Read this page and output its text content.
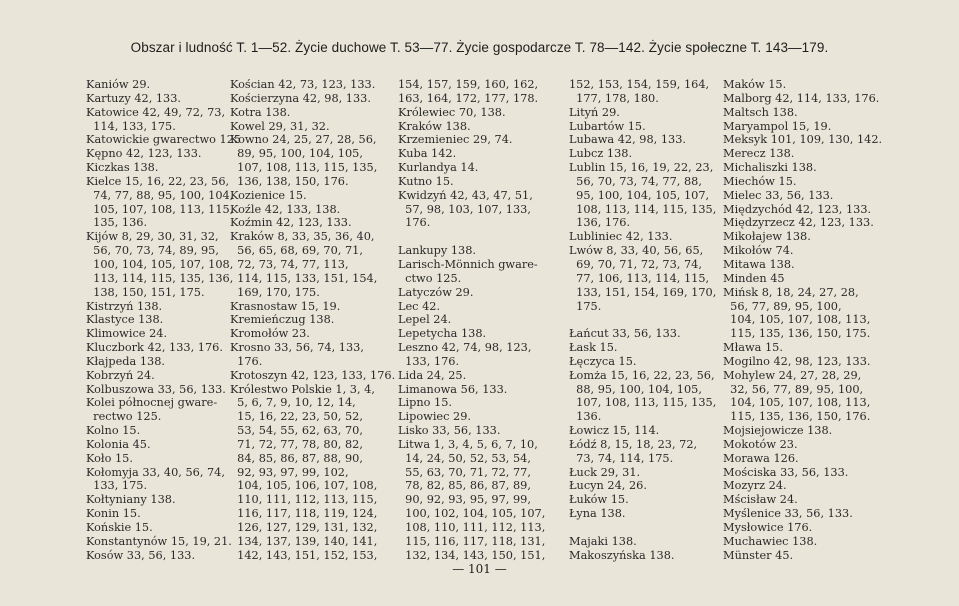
Obszar i ludność T. 1—52. Życie duchowe T. 53—77. Życie gospodarcze T. 78—142. Życie społeczne T. 143—179.
Kaniów 29.
Kartuzy 42, 133.
Katowice 42, 49, 72, 73,
114, 133, 175.
Katowickie gwarectwo 125
Kępno 42, 123, 133.
Kiczkas 138.
Kielce 15, 16, 22, 23, 56,
74, 77, 88, 95, 100, 104,
105, 107, 108, 113, 115,
135, 136.
Kijów 8, 29, 30, 31, 32,
56, 70, 73, 74, 89, 95,
100, 104, 105, 107, 108,
113, 114, 115, 135, 136,
138, 150, 151, 175.
Kistrzyń 138.
Klastyce 138.
Klimowice 24.
Kluczbork 42, 133, 176.
Kłajpeda 138.
Kobrzyń 24.
Kolbuszowa 33, 56, 133.
Kolei północnej gware-
rectwo 125.
Kolno 15.
Kolonia 45.
Koło 15.
Kołomyja 33, 40, 56, 74,
133, 175.
Kołtyniany 138.
Konin 15.
Końskie 15.
Konstantynów 15, 19, 21.
Kosów 33, 56, 133.
Kościan 42, 73, 123, 133.
Kościerzyna 42, 98, 133.
Kotra 138.
Kowel 29, 31, 32.
Kowno 24, 25, 27, 28, 56,
89, 95, 100, 104, 105,
107, 108, 113, 115, 135,
136, 138, 150, 176.
Kozienice 15.
Koźle 42, 133, 138.
Koźmin 42, 123, 133.
Kraków 8, 33, 35, 36, 40,
56, 65, 68, 69, 70, 71,
72, 73, 74, 77, 113,
114, 115, 133, 151, 154,
169, 170, 175.
Krasnostaw 15, 19.
Kremieńczug 138.
Kromołów 23.
Krosno 33, 56, 74, 133,
176.
Krotoszyn 42, 123, 133, 176.
Królestwo Polskie 1, 3, 4,
5, 6, 7, 9, 10, 12, 14,
15, 16, 22, 23, 50, 52,
53, 54, 55, 62, 63, 70,
71, 72, 77, 78, 80, 82,
84, 85, 86, 87, 88, 90,
92, 93, 97, 99, 102,
104, 105, 106, 107, 108,
110, 111, 112, 113, 115,
116, 117, 118, 119, 124,
126, 127, 129, 131, 132,
134, 137, 139, 140, 141,
142, 143, 151, 152, 153,
154, 157, 159, 160, 162,
163, 164, 172, 177, 178.
Królewiec 70, 138.
Kraków 138.
Krzemieniec 29, 74.
Kuba 142.
Kurlandya 14.
Kutno 15.
Kwidzyń 42, 43, 47, 51,
57, 98, 103, 107, 133,
176.

Lankupy 138.
Larisch-Mönnich gware-
ctwo 125.
Latyczów 29.
Lec 42.
Lepel 24.
Lepetycha 138.
Leszno 42, 74, 98, 123,
133, 176.
Lida 24, 25.
Limanowa 56, 133.
Lipno 15.
Lipowiec 29.
Lisko 33, 56, 133.
Litwa 1, 3, 4, 5, 6, 7, 10,
14, 24, 50, 52, 53, 54,
55, 63, 70, 71, 72, 77,
78, 82, 85, 86, 87, 89,
90, 92, 93, 95, 97, 99,
100, 102, 104, 105, 107,
108, 110, 111, 112, 113,
115, 116, 117, 118, 131,
132, 134, 143, 150, 151,
152, 153, 154, 159, 164,
177, 178, 180.
Lityń 29.
Lubartów 15.
Lubawa 42, 98, 133.
Lubcz 138.
Lublin 15, 16, 19, 22, 23,
56, 70, 73, 74, 77, 88,
95, 100, 104, 105, 107,
108, 113, 114, 115, 135,
136, 176.
Lubliniec 42, 133.
Lwów 8, 33, 40, 56, 65,
69, 70, 71, 72, 73, 74,
77, 106, 113, 114, 115,
133, 151, 154, 169, 170,
175.

Łańcut 33, 56, 133.
Łask 15.
Łęczyca 15.
Łomża 15, 16, 22, 23, 56,
88, 95, 100, 104, 105,
107, 108, 113, 115, 135,
136.
Łowicz 15, 114.
Łódź 8, 15, 18, 23, 72,
73, 74, 114, 175.
Łuck 29, 31.
Łucyn 24, 26.
Łuków 15.
Łyna 138.

Majaki 138.
Makoszyńska 138.
Maków 15.
Malborg 42, 114, 133, 176.
Maltsch 138.
Maryampol 15, 19.
Meksyk 101, 109, 130, 142.
Merecz 138.
Michaliszki 138.
Miechów 15.
Mielec 33, 56, 133.
Międzychód 42, 123, 133.
Międzyrzecz 42, 123, 133.
Mikołajew 138.
Mikołów 74.
Mitawa 138.
Minden 45
Mińsk 8, 18, 24, 27, 28,
56, 77, 89, 95, 100,
104, 105, 107, 108, 113,
115, 135, 136, 150, 175.
Mława 15.
Mogilno 42, 98, 123, 133.
Mohylew 24, 27, 28, 29,
32, 56, 77, 89, 95, 100,
104, 105, 107, 108, 113,
115, 135, 136, 150, 176.
Mojsiejowicze 138.
Mokotów 23.
Morawa 126.
Mościska 33, 56, 133.
Mozyrz 24.
Mścisław 24.
Myślenice 33, 56, 133.
Mysłowice 176.
Muchawiec 138.
Münster 45.
— 101 —
